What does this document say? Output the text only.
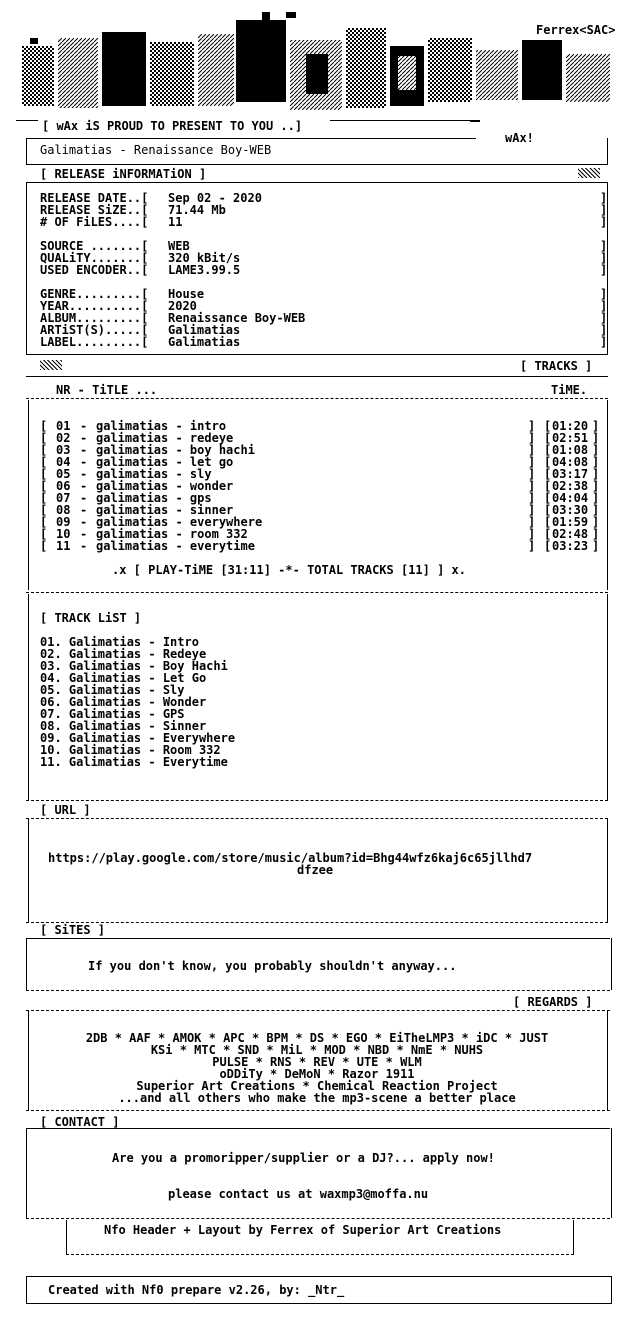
Ferrex<SAC>
[ wAx iS PROUD TO PRESENT TO YOU ..]
wAx!
Galimatias - Renaissance Boy-WEB
[ RELEASE iNFORMATiON ]
RELEASE DATE..[ Sep 02 - 2020	]
RELEASE SiZE..[ 71.44 Mb	]
# OF FiLES....[ 11	]
SOURCE .......[ WEB	]
QUALiTY.......[ 320 kBit/s	]
USED ENCODER..[ LAME3.99.5	]
GENRE.........[ House	]
YEAR..........[ 2020	]
ALBUM.........[ Renaissance Boy-WEB	]
ARTiST(S).....[ Galimatias	]
LABEL.........[ Galimatias	]
[ TRACKS ]
NR - TiTLE ...	TiME.
[ 01 - galimatias - intro	] [ 01:20 ]
[ 02 - galimatias - redeye	] [ 02:51 ]
[ 03 - galimatias - boy hachi	] [ 01:08 ]
[ 04 - galimatias - let go	] [ 04:08 ]
[ 05 - galimatias - sly	] [ 03:17 ]
[ 06 - galimatias - wonder	] [ 02:38 ]
[ 07 - galimatias - gps	] [ 04:04 ]
[ 08 - galimatias - sinner	] [ 03:30 ]
[ 09 - galimatias - everywhere	] [ 01:59 ]
[ 10 - galimatias - room 332	] [ 02:48 ]
[ 11 - galimatias - everytime	] [ 03:23 ]
.x [ PLAY-TiME [31:11] -*- TOTAL TRACKS [11] ] x.
[ TRACK LiST ]
01. Galimatias - Intro
02. Galimatias - Redeye
03. Galimatias - Boy Hachi
04. Galimatias - Let Go
05. Galimatias - Sly
06. Galimatias - Wonder
07. Galimatias - GPS
08. Galimatias - Sinner
09. Galimatias - Everywhere
10. Galimatias - Room 332
11. Galimatias - Everytime
[ URL ]
https://play.google.com/store/music/album?id=Bhg44wfz6kaj6c65jllhd7
dfzee
[ SiTES ]
If you don't know, you probably shouldn't anyway...
[ REGARDS ]
2DB * AAF * AMOK * APC * BPM * DS * EGO * EiTheLMP3 * iDC * JUST
KSi * MTC * SND * MiL * MOD * NBD * NmE * NUHS
PULSE * RNS * REV * UTE * WLM
oDDiTy * DeMoN * Razor 1911
Superior Art Creations * Chemical Reaction Project
...and all others who make the mp3-scene a better place
[ CONTACT ]
Are you a promoripper/supplier or a DJ?... apply now!
please contact us at waxmp3@moffa.nu
Nfo Header + Layout by Ferrex of Superior Art Creations
Created with Nf0 prepare v2.26, by: _Ntr_
